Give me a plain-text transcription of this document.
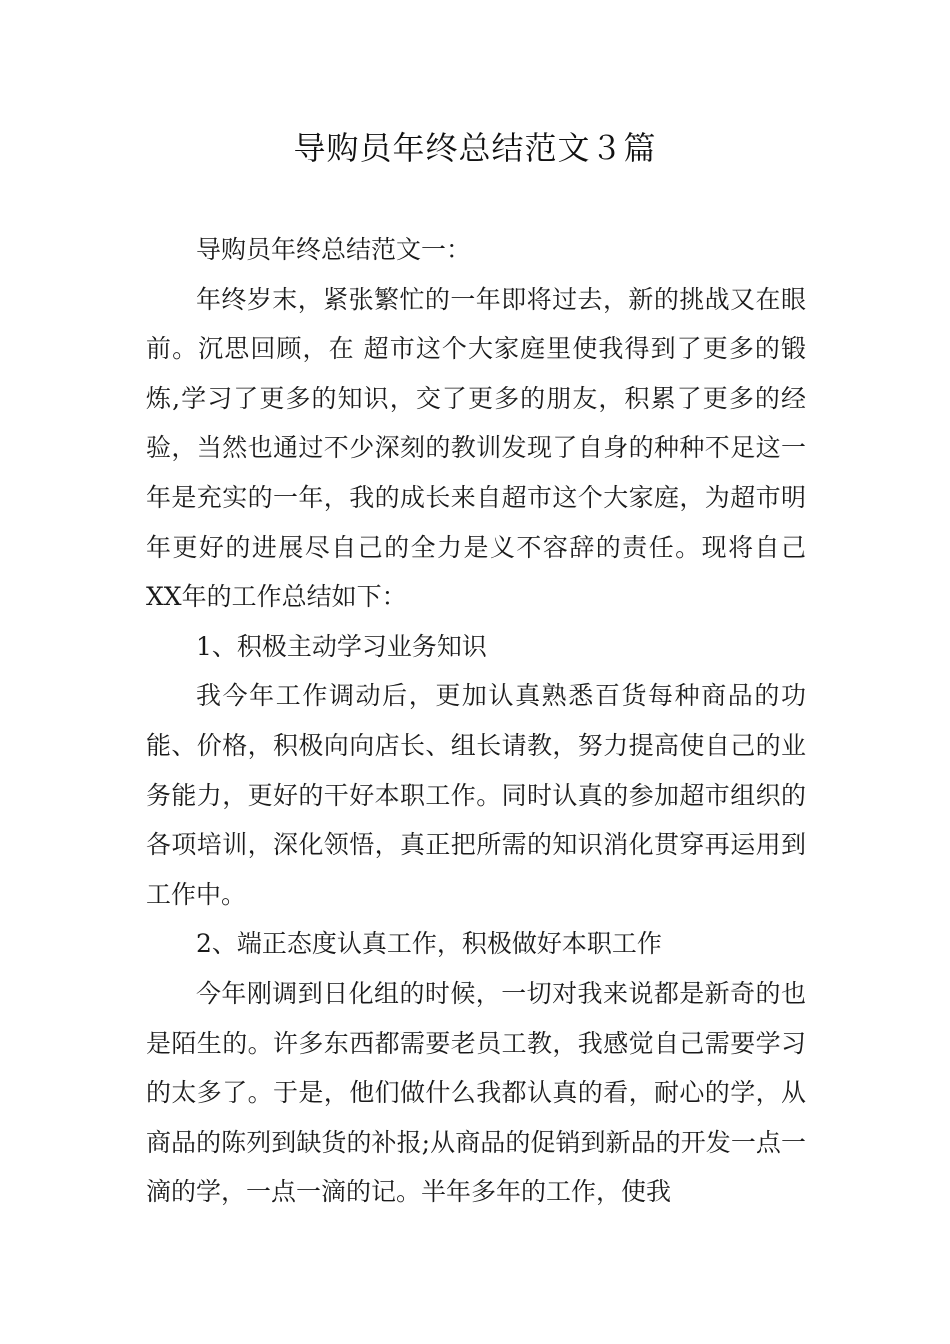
导购员年终总结范文３篇

导购员年终总结范文一：

年终岁末，紧张繁忙的一年即将过去，新的挑战又在眼前。沉思回顾，在 超市这个大家庭里使我得到了更多的锻炼,学习了更多的知识，交了更多的朋友，积累了更多的经验，当然也通过不少深刻的教训发现了自身的种种不足这一年是充实的一年，我的成长来自超市这个大家庭，为超市明年更好的进展尽自己的全力是义不容辞的责任。现将自己XX年的工作总结如下：

1、积极主动学习业务知识

我今年工作调动后，更加认真熟悉百货每种商品的功能、价格，积极向向店长、组长请教，努力提高使自己的业务能力，更好的干好本职工作。同时认真的参加超市组织的各项培训，深化领悟，真正把所需的知识消化贯穿再运用到工作中。

2、端正态度认真工作，积极做好本职工作

今年刚调到日化组的时候，一切对我来说都是新奇的也是陌生的。许多东西都需要老员工教，我感觉自己需要学习的太多了。于是，他们做什么我都认真的看，耐心的学，从商品的陈列到缺货的补报;从商品的促销到新品的开发一点一滴的学，一点一滴的记。半年多年的工作，使我
